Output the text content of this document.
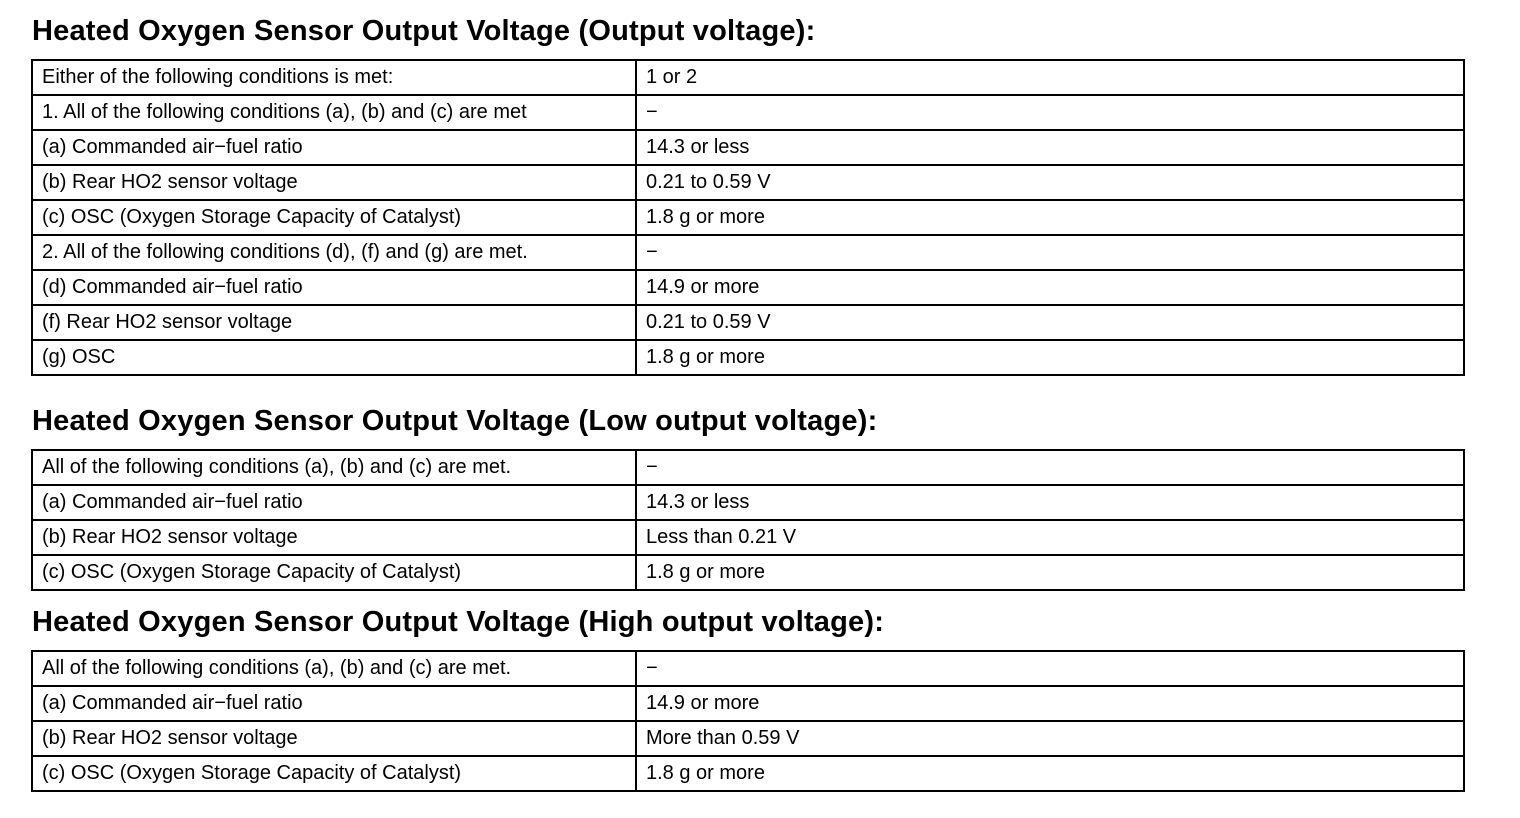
Heated Oxygen Sensor Output Voltage (Output voltage):
Either of the following conditions is met:	1 or 2
1. All of the following conditions (a), (b) and (c) are met	−
(a) Commanded air−fuel ratio	14.3 or less
(b) Rear HO2 sensor voltage	0.21 to 0.59 V
(c) OSC (Oxygen Storage Capacity of Catalyst)	1.8 g or more
2. All of the following conditions (d), (f) and (g) are met.	−
(d) Commanded air−fuel ratio	14.9 or more
(f) Rear HO2 sensor voltage	0.21 to 0.59 V
(g) OSC	1.8 g or more
Heated Oxygen Sensor Output Voltage (Low output voltage):
All of the following conditions (a), (b) and (c) are met.	−
(a) Commanded air−fuel ratio	14.3 or less
(b) Rear HO2 sensor voltage	Less than 0.21 V
(c) OSC (Oxygen Storage Capacity of Catalyst)	1.8 g or more
Heated Oxygen Sensor Output Voltage (High output voltage):
All of the following conditions (a), (b) and (c) are met.	−
(a) Commanded air−fuel ratio	14.9 or more
(b) Rear HO2 sensor voltage	More than 0.59 V
(c) OSC (Oxygen Storage Capacity of Catalyst)	1.8 g or more
